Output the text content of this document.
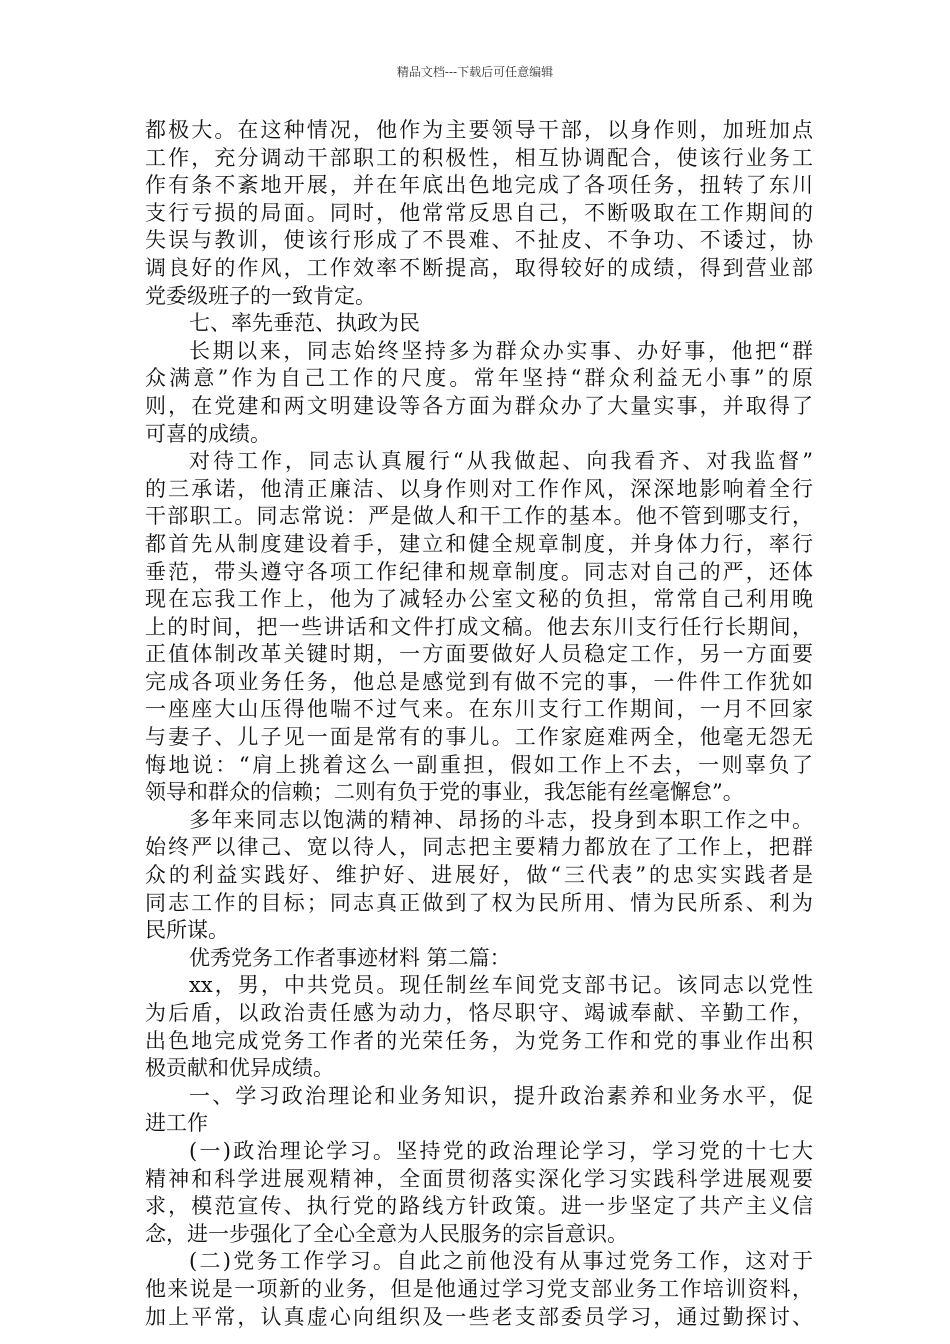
精品文档---下载后可任意编辑
都极大。在这种情况，他作为主要领导干部，以身作则，加班加点
工作，充分调动干部职工的积极性，相互协调配合，使该行业务工
作有条不紊地开展，并在年底出色地完成了各项任务，扭转了东川
支行亏损的局面。同时，他常常反思自己，不断吸取在工作期间的
失误与教训，使该行形成了不畏难、不扯皮、不争功、不诿过，协
调良好的作风，工作效率不断提高，取得较好的成绩，得到营业部
党委级班子的一致肯定。
七、率先垂范、执政为民
长期以来，同志始终坚持多为群众办实事、办好事，他把“群
众满意”作为自己工作的尺度。常年坚持“群众利益无小事”的原
则，在党建和两文明建设等各方面为群众办了大量实事，并取得了
可喜的成绩。
对待工作，同志认真履行“从我做起、向我看齐、对我监督”
的三承诺，他清正廉洁、以身作则对工作作风，深深地影响着全行
干部职工。同志常说：严是做人和干工作的基本。他不管到哪支行，
都首先从制度建设着手，建立和健全规章制度，并身体力行，率行
垂范，带头遵守各项工作纪律和规章制度。同志对自己的严，还体
现在忘我工作上，他为了减轻办公室文秘的负担，常常自己利用晚
上的时间，把一些讲话和文件打成文稿。他去东川支行任行长期间，
正值体制改革关键时期，一方面要做好人员稳定工作，另一方面要
完成各项业务任务，他总是感觉到有做不完的事，一件件工作犹如
一座座大山压得他喘不过气来。在东川支行工作期间，一月不回家
与妻子、儿子见一面是常有的事儿。工作家庭难两全，他毫无怨无
悔地说：“肩上挑着这么一副重担，假如工作上不去，一则辜负了
领导和群众的信赖；二则有负于党的事业，我怎能有丝毫懈怠”。
多年来同志以饱满的精神、昂扬的斗志，投身到本职工作之中。
始终严以律己、宽以待人，同志把主要精力都放在了工作上，把群
众的利益实践好、维护好、进展好，做“三代表”的忠实实践者是
同志工作的目标；同志真正做到了权为民所用、情为民所系、利为
民所谋。
优秀党务工作者事迹材料 第二篇：
xx，男，中共党员。现任制丝车间党支部书记。该同志以党性
为后盾，以政治责任感为动力，恪尽职守、竭诚奉献、辛勤工作，
出色地完成党务工作者的光荣任务，为党务工作和党的事业作出积
极贡献和优异成绩。
一、学习政治理论和业务知识，提升政治素养和业务水平，促
进工作
(一)政治理论学习。坚持党的政治理论学习，学习党的十七大
精神和科学进展观精神，全面贯彻落实深化学习实践科学进展观要
求，模范宣传、执行党的路线方针政策。进一步坚定了共产主义信
念，进一步强化了全心全意为人民服务的宗旨意识。
(二)党务工作学习。自此之前他没有从事过党务工作，这对于
他来说是一项新的业务，但是他通过学习党支部业务工作培训资料，
加上平常，认真虚心向组织及一些老支部委员学习，通过勤探讨、
